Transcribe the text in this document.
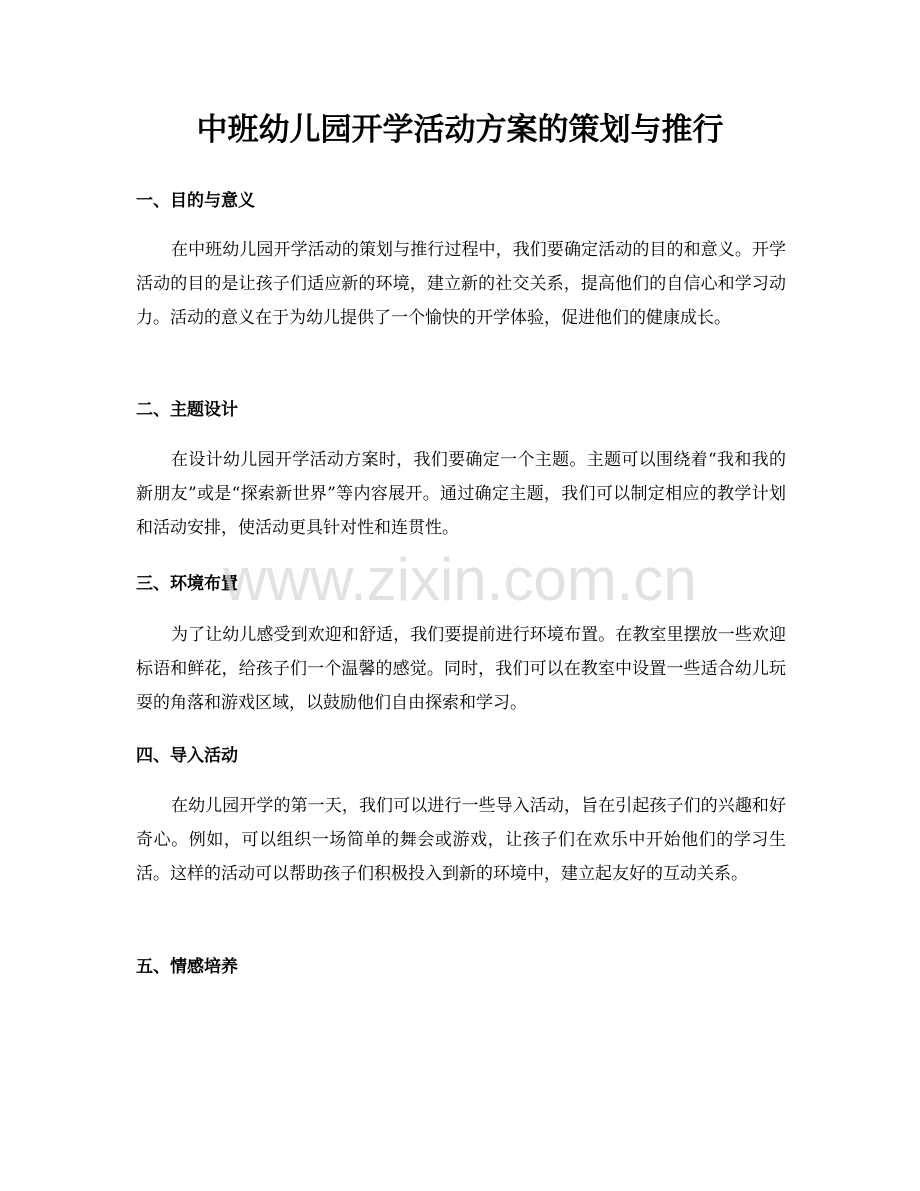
中班幼儿园开学活动方案的策划与推行
一、目的与意义

在中班幼儿园开学活动的策划与推行过程中，我们要确定活动的目的和意义。开学活动的目的是让孩子们适应新的环境，建立新的社交关系，提高他们的自信心和学习动力。活动的意义在于为幼儿提供了一个愉快的开学体验，促进他们的健康成长。

二、主题设计

在设计幼儿园开学活动方案时，我们要确定一个主题。主题可以围绕着“我和我的新朋友”或是“探索新世界”等内容展开。通过确定主题，我们可以制定相应的教学计划和活动安排，使活动更具针对性和连贯性。

三、环境布置

为了让幼儿感受到欢迎和舒适，我们要提前进行环境布置。在教室里摆放一些欢迎标语和鲜花，给孩子们一个温馨的感觉。同时，我们可以在教室中设置一些适合幼儿玩耍的角落和游戏区域，以鼓励他们自由探索和学习。

四、导入活动

在幼儿园开学的第一天，我们可以进行一些导入活动，旨在引起孩子们的兴趣和好奇心。例如，可以组织一场简单的舞会或游戏，让孩子们在欢乐中开始他们的学习生活。这样的活动可以帮助孩子们积极投入到新的环境中，建立起友好的互动关系。

五、情感培养
www.zixin.com.cn
